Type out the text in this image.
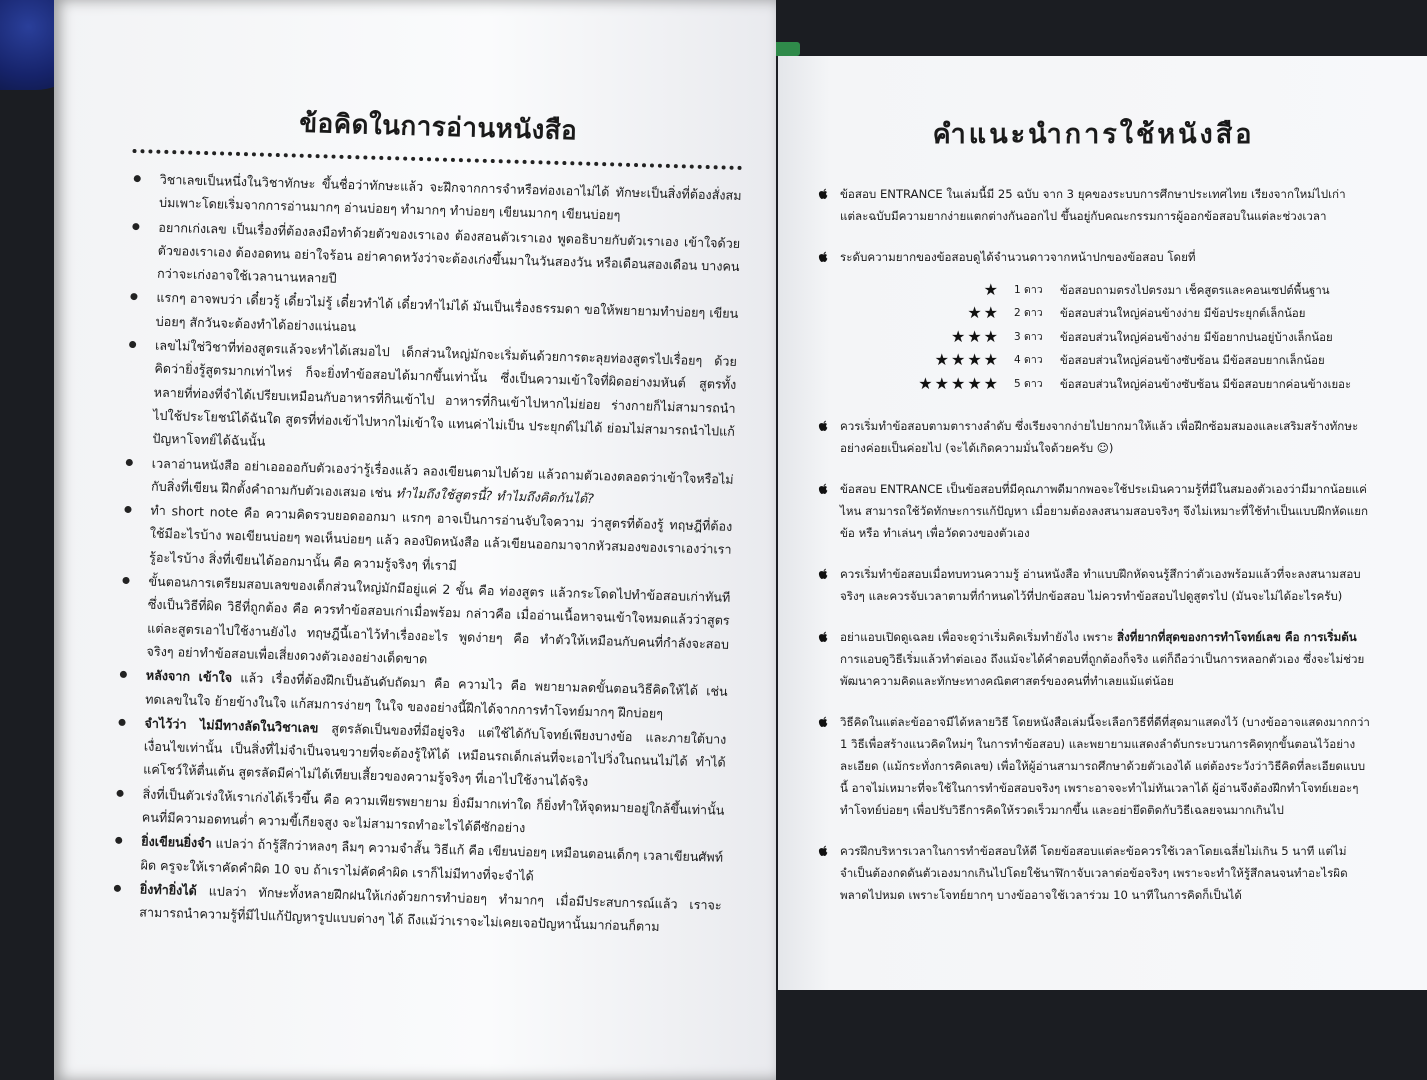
ข้อคิดในการอ่านหนังสือ
วิชาเลขเป็นหนึ่งในวิชาทักษะ ขึ้นชื่อว่าทักษะแล้ว จะฝึกจากการจำหรือท่องเอาไม่ได้ ทักษะเป็นสิ่งที่ต้องสั่งสมบ่มเพาะโดยเริ่มจากการอ่านมากๆ อ่านบ่อยๆ ทำมากๆ ทำบ่อยๆ เขียนมากๆ เขียนบ่อยๆ
อยากเก่งเลข เป็นเรื่องที่ต้องลงมือทำด้วยตัวของเราเอง ต้องสอนตัวเราเอง พูดอธิบายกับตัวเราเอง เข้าใจด้วยตัวของเราเอง ต้องอดทน อย่าใจร้อน อย่าคาดหวังว่าจะต้องเก่งขึ้นมาในวันสองวัน หรือเดือนสองเดือน บางคนกว่าจะเก่งอาจใช้เวลานานหลายปี
แรกๆ อาจพบว่า เดี๋ยวรู้ เดี๋ยวไม่รู้ เดี๋ยวทำได้ เดี๋ยวทำไม่ได้ มันเป็นเรื่องธรรมดา ขอให้พยายามทำบ่อยๆ เขียนบ่อยๆ สักวันจะต้องทำได้อย่างแน่นอน
เลขไม่ใช่วิชาที่ท่องสูตรแล้วจะทำได้เสมอไป เด็กส่วนใหญ่มักจะเริ่มต้นด้วยการตะลุยท่องสูตรไปเรื่อยๆ ด้วยคิดว่ายิ่งรู้สูตรมากเท่าไหร่ ก็จะยิ่งทำข้อสอบได้มากขึ้นเท่านั้น ซึ่งเป็นความเข้าใจที่ผิดอย่างมหันต์ สูตรทั้งหลายที่ท่องที่จำได้เปรียบเหมือนกับอาหารที่กินเข้าไป อาหารที่กินเข้าไปหากไม่ย่อย ร่างกายก็ไม่สามารถนำไปใช้ประโยชน์ได้ฉันใด สูตรที่ท่องเข้าไปหากไม่เข้าใจ แทนค่าไม่เป็น ประยุกต์ไม่ได้ ย่อมไม่สามารถนำไปแก้ปัญหาโจทย์ได้ฉันนั้น
เวลาอ่านหนังสือ อย่าเออออกับตัวเองว่ารู้เรื่องแล้ว ลองเขียนตามไปด้วย แล้วถามตัวเองตลอดว่าเข้าใจหรือไม่กับสิ่งที่เขียน ฝึกตั้งคำถามกับตัวเองเสมอ เช่น ทำไมถึงใช้สูตรนี้? ทำไมถึงคิดกันได้?
ทำ short note คือ ความคิดรวบยอดออกมา แรกๆ อาจเป็นการอ่านจับใจความ ว่าสูตรที่ต้องรู้ ทฤษฎีที่ต้องใช้มีอะไรบ้าง พอเขียนบ่อยๆ พอเห็นบ่อยๆ แล้ว ลองปิดหนังสือ แล้วเขียนออกมาจากหัวสมองของเราเองว่าเรารู้อะไรบ้าง สิ่งที่เขียนได้ออกมานั้น คือ ความรู้จริงๆ ที่เรามี
ขั้นตอนการเตรียมสอบเลขของเด็กส่วนใหญ่มักมีอยู่แค่ 2 ขั้น คือ ท่องสูตร แล้วกระโดดไปทำข้อสอบเก่าทันที ซึ่งเป็นวิธีที่ผิด วิธีที่ถูกต้อง คือ ควรทำข้อสอบเก่าเมื่อพร้อม กล่าวคือ เมื่ออ่านเนื้อหาจนเข้าใจหมดแล้วว่าสูตรแต่ละสูตรเอาไปใช้งานยังไง ทฤษฎีนี้เอาไว้ทำเรื่องอะไร พูดง่ายๆ คือ ทำตัวให้เหมือนกับคนที่กำลังจะสอบจริงๆ อย่าทำข้อสอบเพื่อเสี่ยงดวงตัวเองอย่างเด็ดขาด
หลังจาก เข้าใจ แล้ว เรื่องที่ต้องฝึกเป็นอันดับถัดมา คือ ความไว คือ พยายามลดขั้นตอนวิธีคิดให้ได้ เช่น ทดเลขในใจ ย้ายข้างในใจ แก้สมการง่ายๆ ในใจ ของอย่างนี้ฝึกได้จากการทำโจทย์มากๆ ฝึกบ่อยๆ
จำไว้ว่า ไม่มีทางลัดในวิชาเลข สูตรลัดเป็นของที่มีอยู่จริง แต่ใช้ได้กับโจทย์เพียงบางข้อ และภายใต้บางเงื่อนไขเท่านั้น เป็นสิ่งที่ไม่จำเป็นจนขวายที่จะต้องรู้ให้ได้ เหมือนรถเด็กเล่นที่จะเอาไปวิ่งในถนนไม่ได้ ทำได้แค่โชว์ให้ตื่นเต้น สูตรลัดมีค่าไม่ได้เทียบเสี้ยวของความรู้จริงๆ ที่เอาไปใช้งานได้จริง
สิ่งที่เป็นตัวเร่งให้เราเก่งได้เร็วขึ้น คือ ความเพียรพยายาม ยิ่งมีมากเท่าใด ก็ยิ่งทำให้จุดหมายอยู่ใกล้ขึ้นเท่านั้น คนที่มีความอดทนต่ำ ความขี้เกียจสูง จะไม่สามารถทำอะไรได้ดีซักอย่าง
ยิ่งเขียนยิ่งจำ แปลว่า ถ้ารู้สึกว่าหลงๆ ลืมๆ ความจำสั้น วิธีแก้ คือ เขียนบ่อยๆ เหมือนตอนเด็กๆ เวลาเขียนศัพท์ผิด ครูจะให้เราคัดคำผิด 10 จบ ถ้าเราไม่คัดคำผิด เราก็ไม่มีทางที่จะจำได้
ยิ่งทำยิ่งได้ แปลว่า ทักษะทั้งหลายฝึกฝนให้เก่งด้วยการทำบ่อยๆ ทำมากๆ เมื่อมีประสบการณ์แล้ว เราจะสามารถนำความรู้ที่มีไปแก้ปัญหารูปแบบต่างๆ ได้ ถึงแม้ว่าเราจะไม่เคยเจอปัญหานั้นมาก่อนก็ตาม
คำแนะนำการใช้หนังสือ
ข้อสอบ ENTRANCE ในเล่มนี้มี 25 ฉบับ จาก 3 ยุคของระบบการศึกษาประเทศไทย เรียงจากใหม่ไปเก่า แต่ละฉบับมีความยากง่ายแตกต่างกันออกไป ขึ้นอยู่กับคณะกรรมการผู้ออกข้อสอบในแต่ละช่วงเวลา
ระดับความยากของข้อสอบดูได้จำนวนดาวจากหน้าปกของข้อสอบ โดยที่
★	1 ดาว	ข้อสอบถามตรงไปตรงมา เช็คสูตรและคอนเซปต์พื้นฐาน
★★	2 ดาว	ข้อสอบส่วนใหญ่ค่อนข้างง่าย มีข้อประยุกต์เล็กน้อย
★★★	3 ดาว	ข้อสอบส่วนใหญ่ค่อนข้างง่าย มีข้อยากปนอยู่บ้างเล็กน้อย
★★★★	4 ดาว	ข้อสอบส่วนใหญ่ค่อนข้างซับซ้อน มีข้อสอบยากเล็กน้อย
★★★★★	5 ดาว	ข้อสอบส่วนใหญ่ค่อนข้างซับซ้อน มีข้อสอบยากค่อนข้างเยอะ
ควรเริ่มทำข้อสอบตามตารางลำดับ ซึ่งเรียงจากง่ายไปยากมาให้แล้ว เพื่อฝึกซ้อมสมองและเสริมสร้างทักษะอย่างค่อยเป็นค่อยไป (จะได้เกิดความมั่นใจด้วยครับ ☺)
ข้อสอบ ENTRANCE เป็นข้อสอบที่มีคุณภาพดีมากพอจะใช้ประเมินความรู้ที่มีในสมองตัวเองว่ามีมากน้อยแค่ไหน สามารถใช้วัดทักษะการแก้ปัญหา เมื่อยามต้องลงสนามสอบจริงๆ จึงไม่เหมาะที่ใช้ทำเป็นแบบฝึกหัดแยกข้อ หรือ ทำเล่นๆ เพื่อวัดดวงของตัวเอง
ควรเริ่มทำข้อสอบเมื่อทบทวนความรู้ อ่านหนังสือ ทำแบบฝึกหัดจนรู้สึกว่าตัวเองพร้อมแล้วที่จะลงสนามสอบจริงๆ และควรจับเวลาตามที่กำหนดไว้ที่ปกข้อสอบ ไม่ควรทำข้อสอบไปดูสูตรไป (มันจะไม่ได้อะไรครับ)
อย่าแอบเปิดดูเฉลย เพื่อจะดูว่าเริ่มคิดเริ่มทำยังไง เพราะ สิ่งที่ยากที่สุดของการทำโจทย์เลข คือ การเริ่มต้น การแอบดูวิธีเริ่มแล้วทำต่อเอง ถึงแม้จะได้คำตอบที่ถูกต้องก็จริง แต่ก็ถือว่าเป็นการหลอกตัวเอง ซึ่งจะไม่ช่วยพัฒนาความคิดและทักษะทางคณิตศาสตร์ของคนที่ทำเลยแม้แต่น้อย
วิธีคิดในแต่ละข้ออาจมีได้หลายวิธี โดยหนังสือเล่มนี้จะเลือกวิธีที่ดีที่สุดมาแสดงไว้ (บางข้ออาจแสดงมากกว่า 1 วิธีเพื่อสร้างแนวคิดใหม่ๆ ในการทำข้อสอบ) และพยายามแสดงลำดับกระบวนการคิดทุกขั้นตอนไว้อย่างละเอียด (แม้กระทั่งการคิดเลข) เพื่อให้ผู้อ่านสามารถศึกษาด้วยตัวเองได้ แต่ต้องระวังว่าวิธีคิดที่ละเอียดแบบนี้ อาจไม่เหมาะที่จะใช้ในการทำข้อสอบจริงๆ เพราะอาจจะทำไม่ทันเวลาได้ ผู้อ่านจึงต้องฝึกทำโจทย์เยอะๆ ทำโจทย์บ่อยๆ เพื่อปรับวิธีการคิดให้รวดเร็วมากขึ้น และอย่ายึดติดกับวิธีเฉลยจนมากเกินไป
ควรฝึกบริหารเวลาในการทำข้อสอบให้ดี โดยข้อสอบแต่ละข้อควรใช้เวลาโดยเฉลี่ยไม่เกิน 5 นาที แต่ไม่จำเป็นต้องกดดันตัวเองมากเกินไปโดยใช้นาฬิกาจับเวลาต่อข้อจริงๆ เพราะจะทำให้รู้สึกลนจนทำอะไรผิดพลาดไปหมด เพราะโจทย์ยากๆ บางข้ออาจใช้เวลาร่วม 10 นาทีในการคิดก็เป็นได้
